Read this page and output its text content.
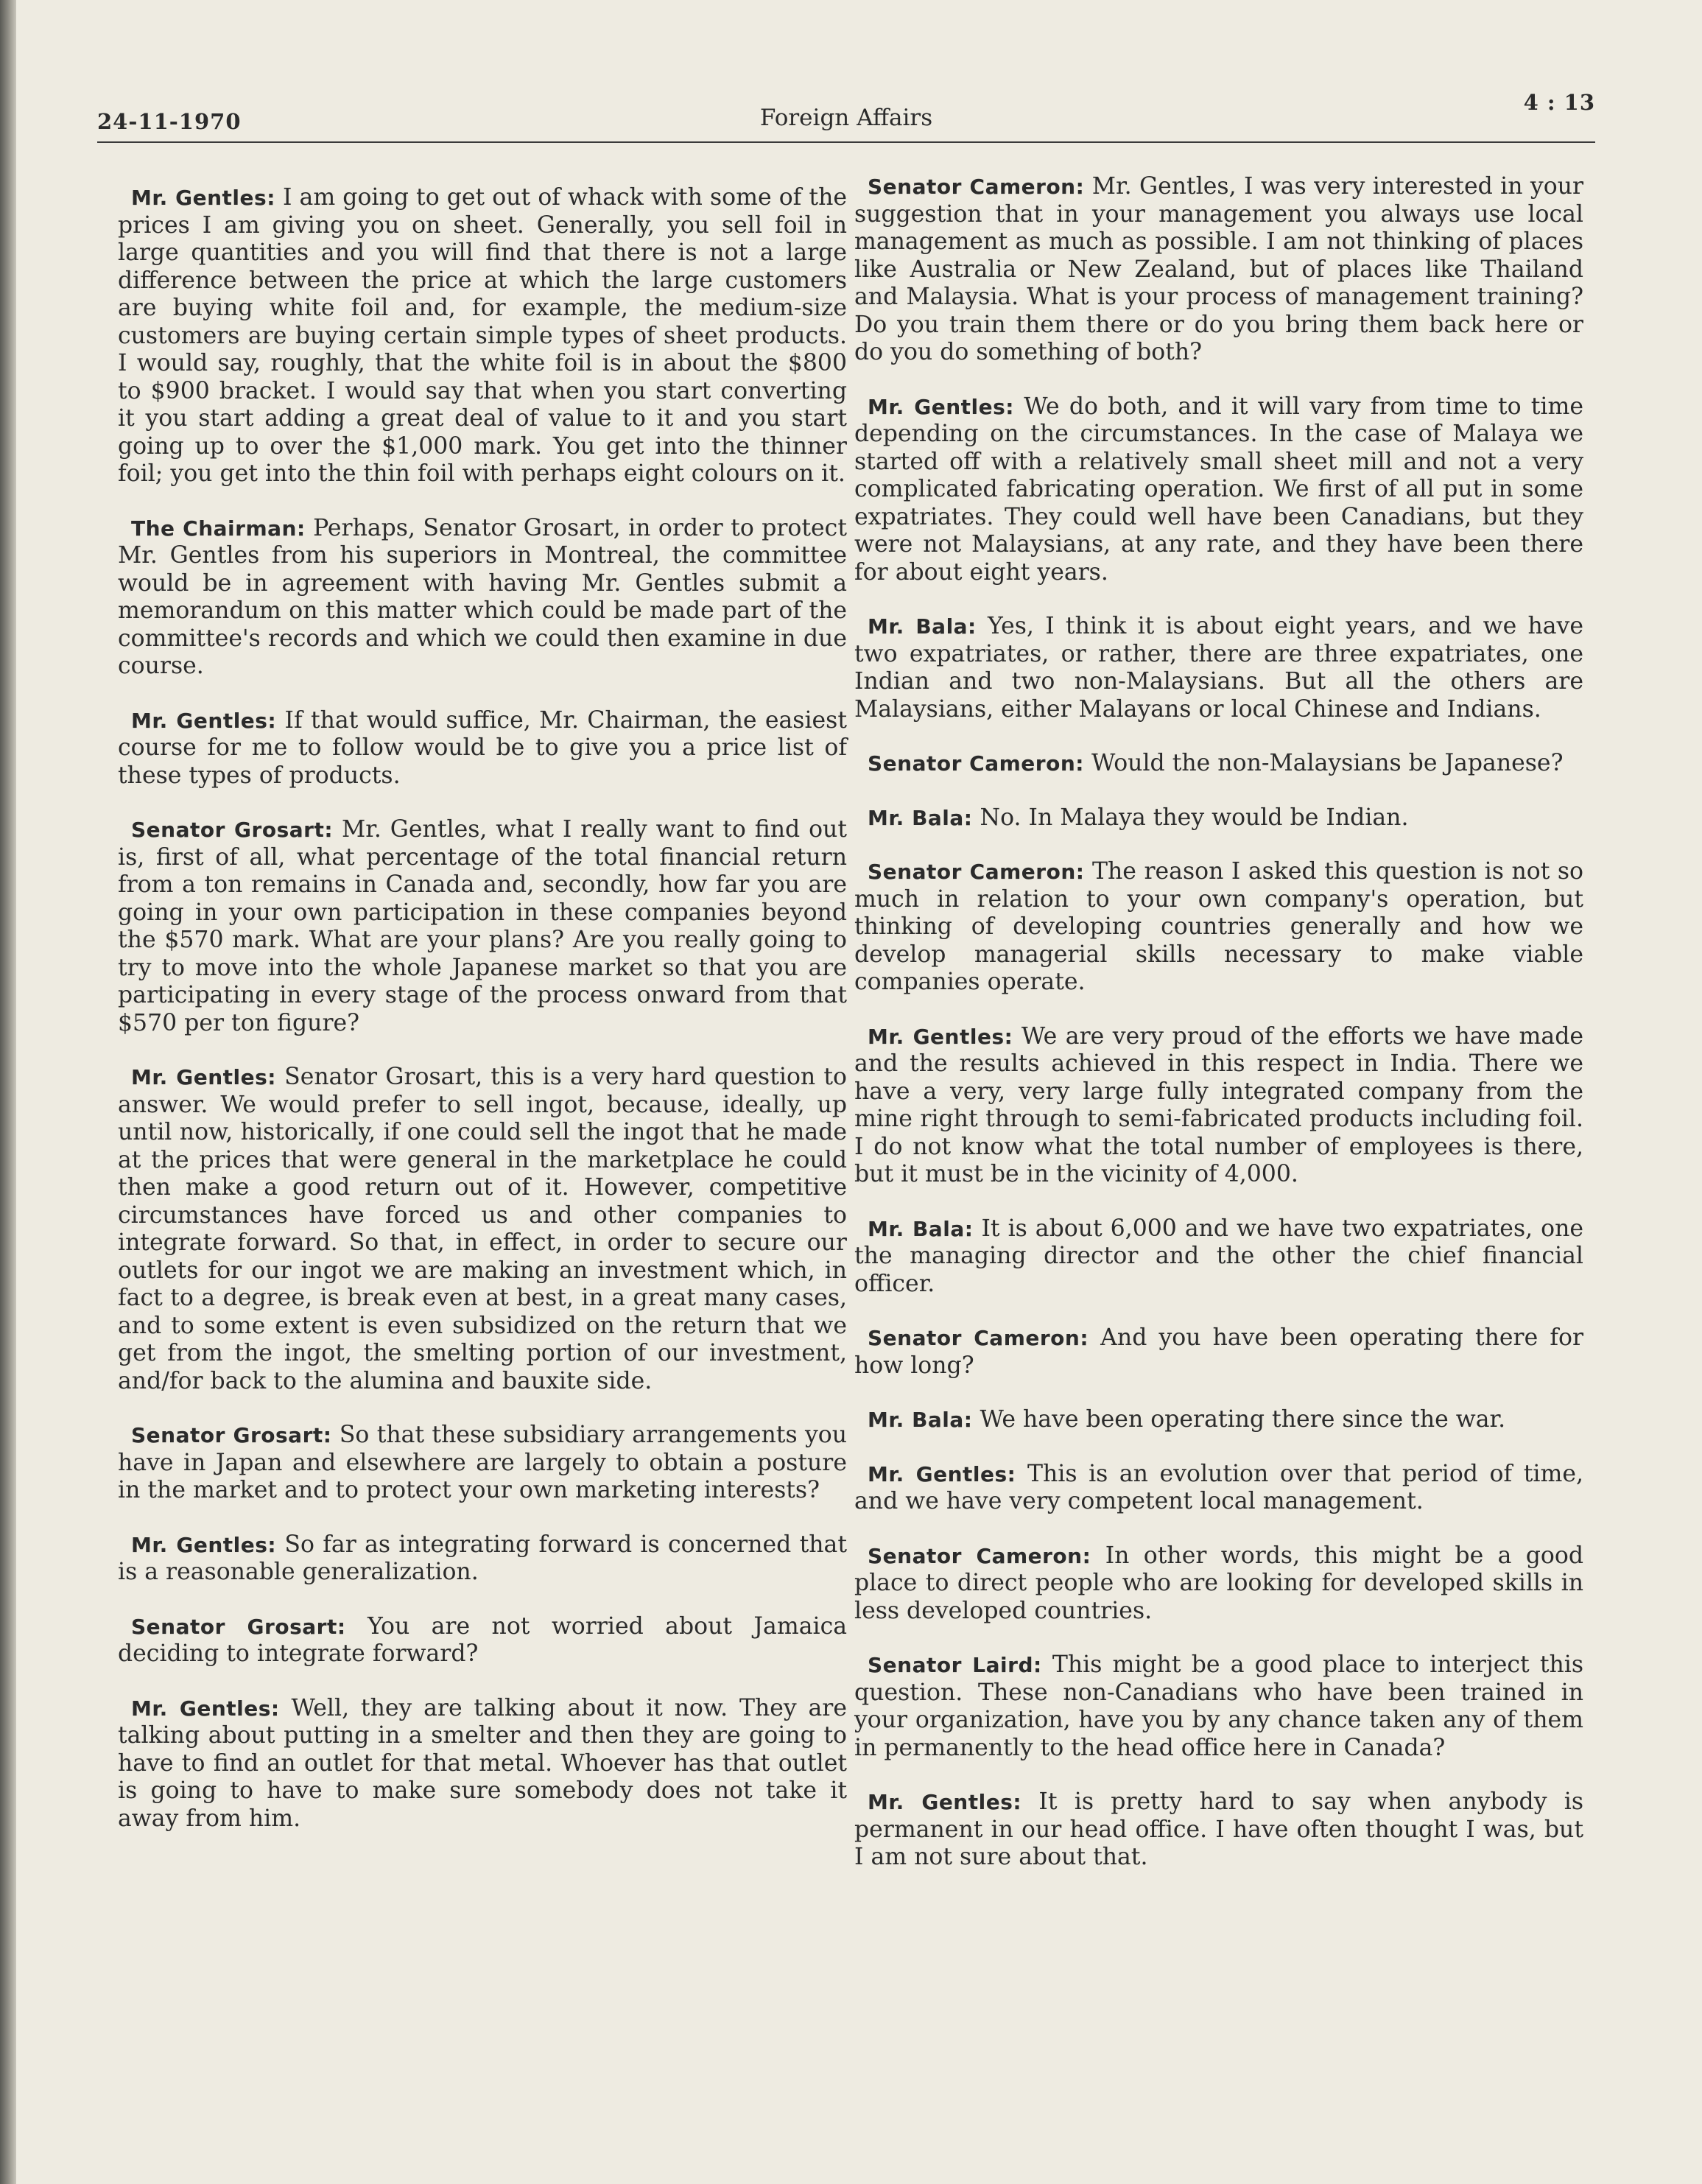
24-11-1970	Foreign Affairs
4 : 13

Mr. Gentles: I am going to get out of whack with some of the prices I am giving you on sheet. Generally, you sell foil in large quantities and you will find that there is not a large difference between the price at which the large customers are buying white foil and, for example, the medium-size customers are buying certain simple types of sheet products. I would say, roughly, that the white foil is in about the $800 to $900 bracket. I would say that when you start converting it you start adding a great deal of value to it and you start going up to over the $1,000 mark. You get into the thinner foil; you get into the thin foil with perhaps eight colours on it.

The Chairman: Perhaps, Senator Grosart, in order to protect Mr. Gentles from his superiors in Montreal, the committee would be in agreement with having Mr. Gentles submit a memorandum on this matter which could be made part of the committee's records and which we could then examine in due course.

Mr. Gentles: If that would suffice, Mr. Chairman, the easiest course for me to follow would be to give you a price list of these types of products.

Senator Grosart: Mr. Gentles, what I really want to find out is, first of all, what percentage of the total financial return from a ton remains in Canada and, secondly, how far you are going in your own participation in these companies beyond the $570 mark. What are your plans? Are you really going to try to move into the whole Japanese market so that you are participating in every stage of the process onward from that $570 per ton figure?

Mr. Gentles: Senator Grosart, this is a very hard question to answer. We would prefer to sell ingot, because, ideally, up until now, historically, if one could sell the ingot that he made at the prices that were general in the marketplace he could then make a good return out of it. However, competitive circumstances have forced us and other companies to integrate forward. So that, in effect, in order to secure our outlets for our ingot we are making an investment which, in fact to a degree, is break even at best, in a great many cases, and to some extent is even subsidized on the return that we get from the ingot, the smelting portion of our investment, and/for back to the alumina and bauxite side.

Senator Grosart: So that these subsidiary arrangements you have in Japan and elsewhere are largely to obtain a posture in the market and to protect your own marketing interests?

Mr. Gentles: So far as integrating forward is concerned that is a reasonable generalization.

Senator Grosart: You are not worried about Jamaica deciding to integrate forward?

Mr. Gentles: Well, they are talking about it now. They are talking about putting in a smelter and then they are going to have to find an outlet for that metal. Whoever has that outlet is going to have to make sure somebody does not take it away from him.

Senator Cameron: Mr. Gentles, I was very interested in your suggestion that in your management you always use local management as much as possible. I am not thinking of places like Australia or New Zealand, but of places like Thailand and Malaysia. What is your process of management training? Do you train them there or do you bring them back here or do you do something of both?

Mr. Gentles: We do both, and it will vary from time to time depending on the circumstances. In the case of Malaya we started off with a relatively small sheet mill and not a very complicated fabricating operation. We first of all put in some expatriates. They could well have been Canadians, but they were not Malaysians, at any rate, and they have been there for about eight years.

Mr. Bala: Yes, I think it is about eight years, and we have two expatriates, or rather, there are three expatriates, one Indian and two non-Malaysians. But all the others are Malaysians, either Malayans or local Chinese and Indians.

Senator Cameron: Would the non-Malaysians be Japanese?

Mr. Bala: No. In Malaya they would be Indian.

Senator Cameron: The reason I asked this question is not so much in relation to your own company's operation, but thinking of developing countries generally and how we develop managerial skills necessary to make viable companies operate.

Mr. Gentles: We are very proud of the efforts we have made and the results achieved in this respect in India. There we have a very, very large fully integrated company from the mine right through to semi-fabricated products including foil. I do not know what the total number of employees is there, but it must be in the vicinity of 4,000.

Mr. Bala: It is about 6,000 and we have two expatriates, one the managing director and the other the chief financial officer.

Senator Cameron: And you have been operating there for how long?

Mr. Bala: We have been operating there since the war.

Mr. Gentles: This is an evolution over that period of time, and we have very competent local management.

Senator Cameron: In other words, this might be a good place to direct people who are looking for developed skills in less developed countries.

Senator Laird: This might be a good place to interject this question. These non-Canadians who have been trained in your organization, have you by any chance taken any of them in permanently to the head office here in Canada?

Mr. Gentles: It is pretty hard to say when anybody is permanent in our head office. I have often thought I was, but I am not sure about that.
